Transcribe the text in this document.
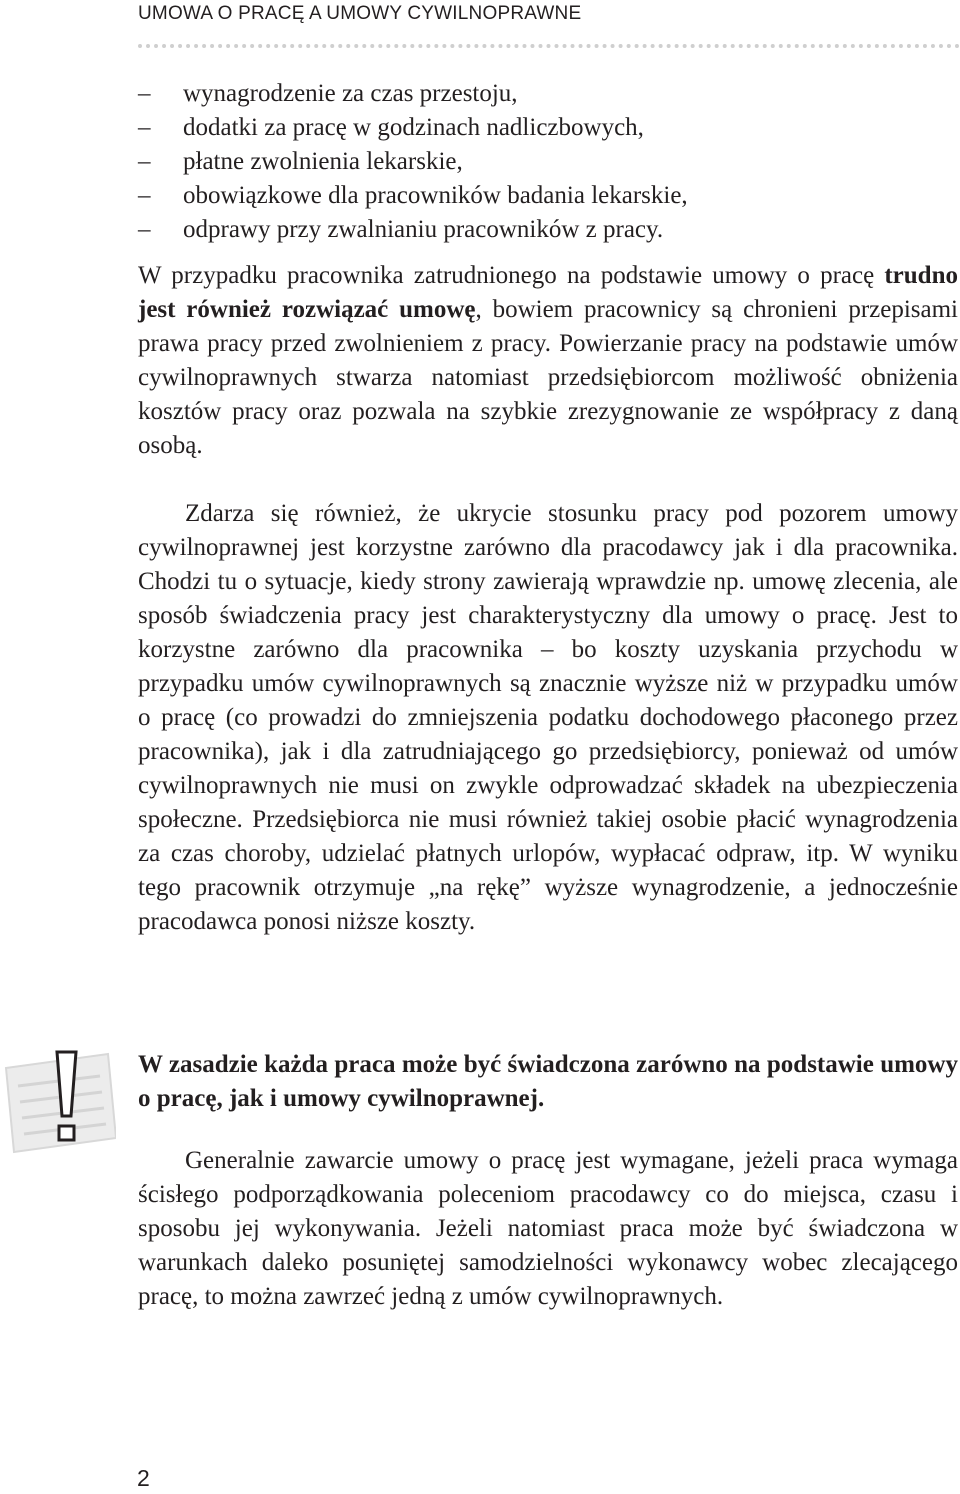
UMOWA O PRACĘ A UMOWY CYWILNOPRAWNE
– wynagrodzenie za czas przestoju,
– dodatki za pracę w godzinach nadliczbowych,
– płatne zwolnienia lekarskie,
– obowiązkowe dla pracowników badania lekarskie,
– odprawy przy zwalnianiu pracowników z pracy.

W przypadku pracownika zatrudnionego na podstawie umowy o pracę trudno jest również rozwiązać umowę, bowiem pracownicy są chronieni przepisami prawa pracy przed zwolnieniem z pracy. Powierzanie pracy na podstawie umów cywilnoprawnych stwarza natomiast przedsiębiorcom możliwość obniżenia kosztów pracy oraz pozwala na szybkie zrezygnowanie ze współpracy z daną osobą.

Zdarza się również, że ukrycie stosunku pracy pod pozorem umowy cywilnoprawnej jest korzystne zarówno dla pracodawcy jak i dla pracownika. Chodzi tu o sytuacje, kiedy strony zawierają wprawdzie np. umowę zlecenia, ale sposób świadczenia pracy jest charakterystyczny dla umowy o pracę. Jest to korzystne zarówno dla pracownika – bo koszty uzyskania przychodu w przypadku umów cywilnoprawnych są znacznie wyższe niż w przypadku umów o pracę (co prowadzi do zmniejszenia podatku dochodowego płaconego przez pracownika), jak i dla zatrudniającego go przedsiębiorcy, ponieważ od umów cywilnoprawnych nie musi on zwykle odprowadzać składek na ubezpieczenia społeczne. Przedsiębiorca nie musi również takiej osobie płacić wynagrodzenia za czas choroby, udzielać płatnych urlopów, wypłacać odpraw, itp. W wyniku tego pracownik otrzymuje „na rękę” wyższe wynagrodzenie, a jednocześnie pracodawca ponosi niższe koszty.

W zasadzie każda praca może być świadczona zarówno na podstawie umowy o pracę, jak i umowy cywilnoprawnej.

Generalnie zawarcie umowy o pracę jest wymagane, jeżeli praca wymaga ścisłego podporządkowania poleceniom pracodawcy co do miejsca, czasu i sposobu jej wykonywania. Jeżeli natomiast praca może być świadczona w warunkach daleko posuniętej samodzielności wykonawcy wobec zlecającego pracę, to można zawrzeć jedną z umów cywilnoprawnych.

2
